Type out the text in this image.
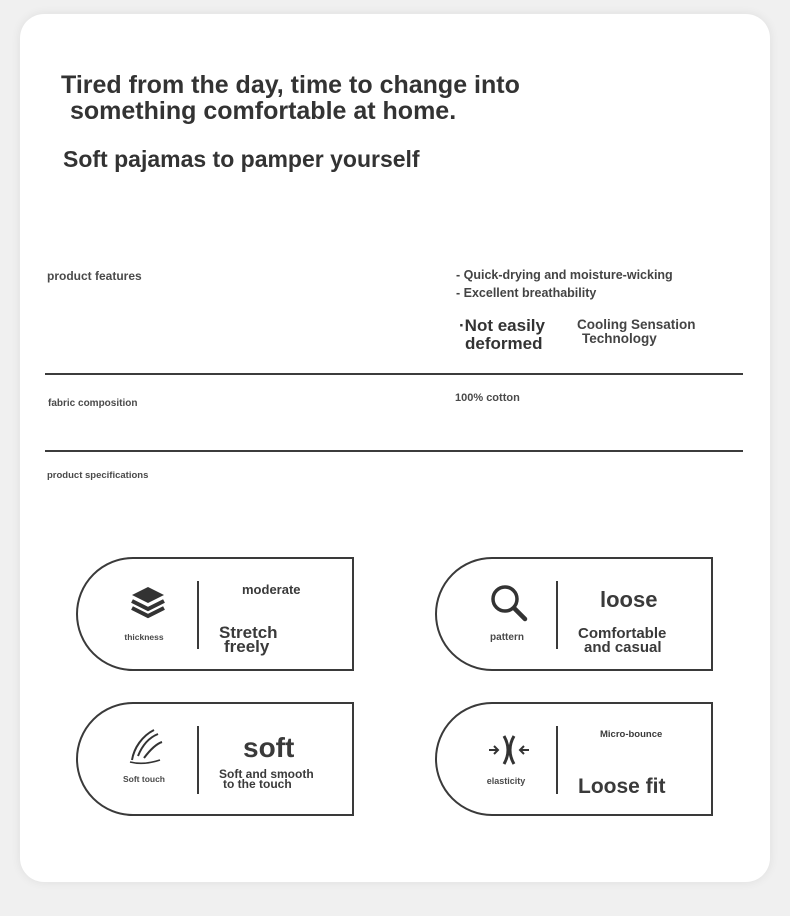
Tired from the day, time to change into
something comfortable at home.
Soft pajamas to pamper yourself
product features	- Quick-drying and moisture-wicking
- Excellent breathability
·Not easily
deformed
Cooling Sensation
Technology
fabric composition	100% cotton
product specifications
thickness
moderate
Stretch
freely	pattern
loose
Comfortable
and casual
Soft touch
soft
Soft and smooth
to the touch	elasticity
Micro-bounce
Loose fit
